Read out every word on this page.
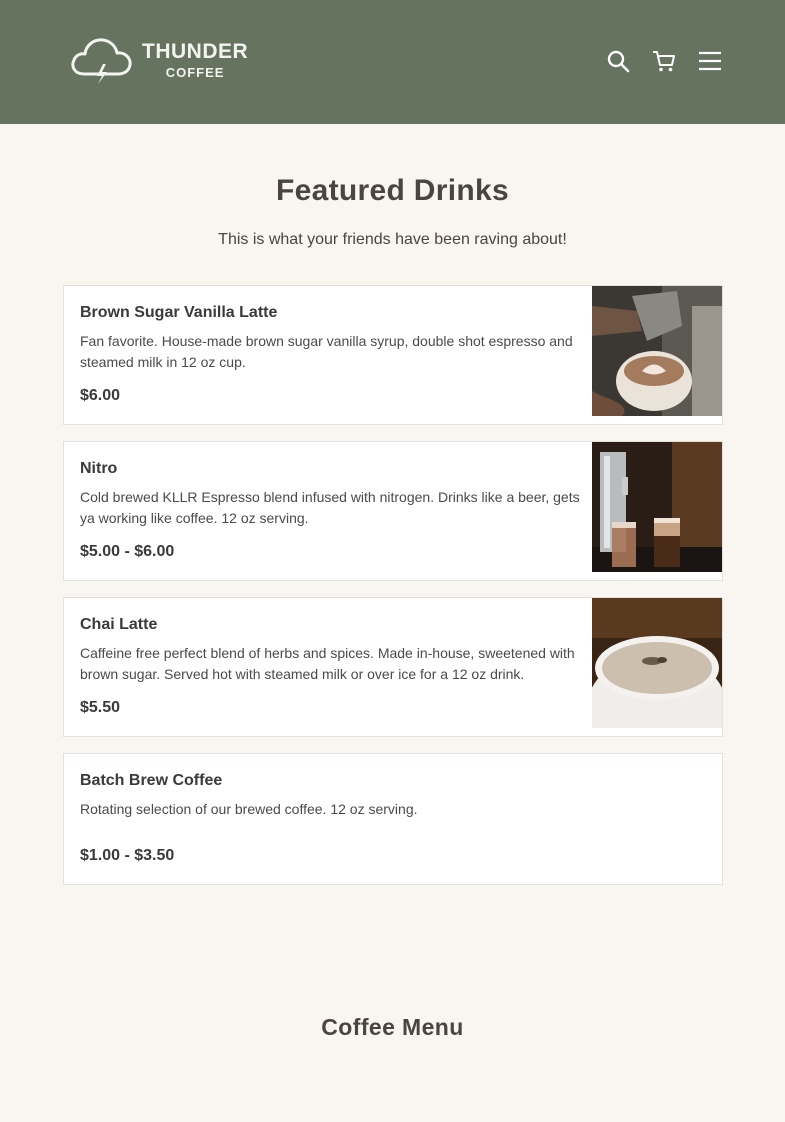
THUNDER
COFFEE
Featured Drinks
This is what your friends have been raving about!
Brown Sugar Vanilla Latte
Fan favorite. House-made brown sugar vanilla syrup, double shot espresso and steamed milk in 12 oz cup.
$6.00
Nitro
Cold brewed KLLR Espresso blend infused with nitrogen. Drinks like a beer, gets ya working like coffee. 12 oz serving.
$5.00 - $6.00
Chai Latte
Caffeine free perfect blend of herbs and spices. Made in-house, sweetened with brown sugar. Served hot with steamed milk or over ice for a 12 oz drink.
$5.50
Batch Brew Coffee
Rotating selection of our brewed coffee. 12 oz serving.
$1.00 - $3.50
Coffee Menu
